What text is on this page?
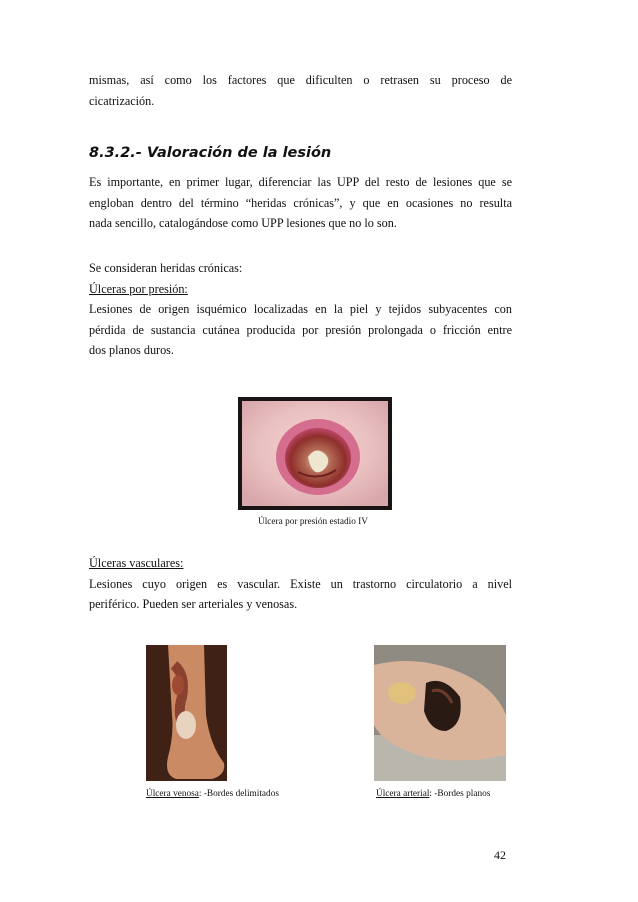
mismas, así como los factores que dificulten o retrasen su proceso de
cicatrización.

8.3.2.- Valoración de la lesión

Es importante, en primer lugar, diferenciar las UPP del resto de lesiones que se
engloban dentro del término “heridas crónicas”, y que en ocasiones no resulta
nada sencillo, catalogándose como UPP lesiones que no lo son.

Se consideran heridas crónicas:
Úlceras por presión:
Lesiones de origen isquémico localizadas en la piel y tejidos subyacentes con
pérdida de sustancia cutánea producida por presión prolongada o fricción entre
dos planos duros.

Úlcera por presión estadio IV

Úlceras vasculares:
Lesiones cuyo origen es vascular. Existe un trastorno circulatorio a nivel
periférico. Pueden ser arteriales y venosas.

Úlcera venosa: -Bordes delimitados	Úlcera arterial: -Bordes planos
42
